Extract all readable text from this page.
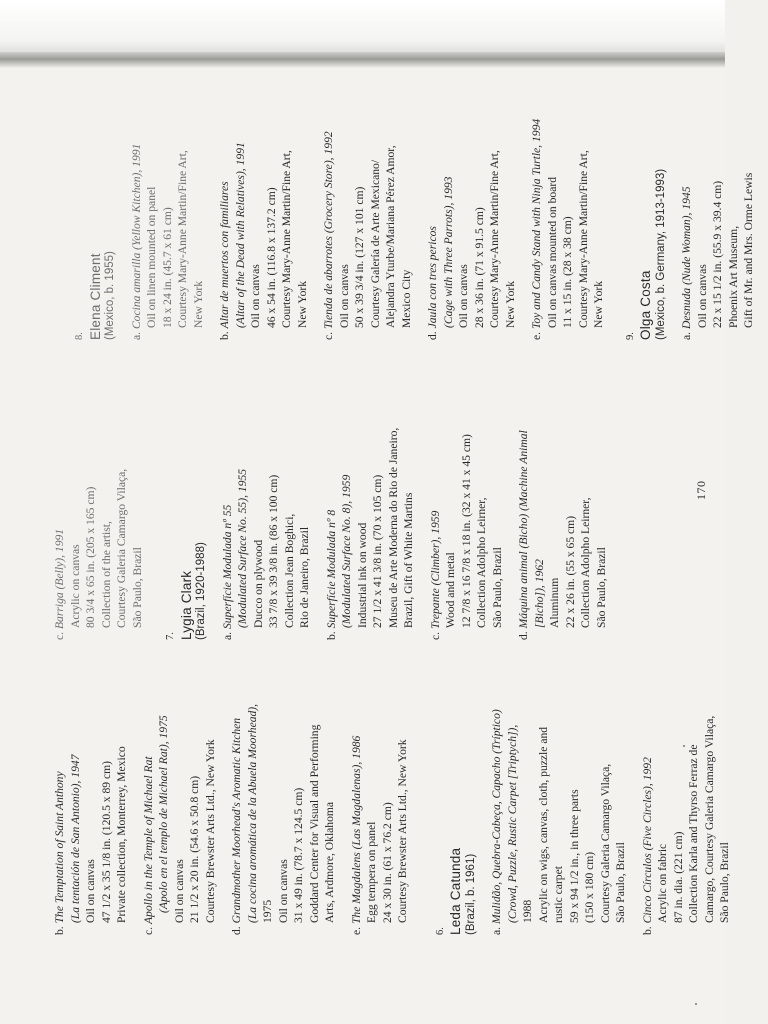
b. The Temptation of Saint Anthony (La tentación de San Antonio), 1947 Oil on canvas 47 1/2 x 35 1/8 in. (120.5 x 89 cm) Private collection, Monterrey, Mexico
c. Apollo in the Temple of Michael Rat (Apolo en el templo de Michael Rat), 1975 Oil on canvas 21 1/2 x 20 in. (54.6 x 50.8 cm) Courtesy Brewster Arts Ltd., New York
d. Grandmother Moorhead's Aromatic Kitchen (La cocina aromática de la Abuela Moorhead), 1975 Oil on canvas 31 x 49 in. (78.7 x 124.5 cm) Goddard Center for Visual and Performing Arts, Ardmore, Oklahoma
e. The Magdalens (Las Magdalenas), 1986 Egg tempera on panel 24 x 30 in. (61 x 76.2 cm) Courtesy Brewster Arts Ltd., New York
6. Leda Catunda (Brazil, b. 1961) a. Mulidão, Quebra-Cabeça, Capacho (Tríptico) (Crowd, Puzzle, Rustic Carpet [Triptych]), 1988 Acrylic on wigs, canvas, cloth, puzzle and rustic carpet 59 x 94 1/2 in., in three parts (150 x 180 cm) Courtesy Galeria Camargo Vilaça, São Paulo, Brazil
b. Cinco Círculos (Five Circles), 1992 Acrylic on fabric 87 in. dia. (221 cm) Collection Karla and Thyrso Ferraz de Camargo, Courtesy Galeria Camargo Vilaça, São Paulo, Brazil
c. Barriga (Belly), 1991 Acrylic on canvas 80 3/4 x 65 in. (205 x 165 cm) Collection of the artist, Courtesy Galeria Camargo Vilaça, São Paulo, Brazil
7. Lygia Clark (Brazil, 1920-1988) a. Superfície Modulada nº 55 (Modulated Surface No. 55), 1955 Ducco on plywood 33 7/8 x 39 3/8 in. (86 x 100 cm) Collection Jean Boghici, Rio de Janeiro, Brazil
b. Superfície Modulada nº 8 (Modulated Surface No. 8), 1959 Industrial ink on wood 27 1/2 x 41 3/8 in. (70 x 105 cm) Museu de Arte Moderna do Rio de Janeiro, Brazil, Gift of White Martins
c. Trepante (Climber), 1959 Wood and metal 12 7/8 x 16 7/8 x 18 in. (32 x 41 x 45 cm) Collection Adolpho Leirner, São Paulo, Brazil
d. Máquina animal (Bicho) (Machine Animal [Bicho]), 1962 Aluminum 22 x 26 in. (55 x 65 cm) Collection Adolpho Leirner, São Paulo, Brazil
8. Elena Climent (Mexico, b. 1955) a. Cocina amarilla (Yellow Kitchen), 1991 Oil on linen mounted on panel 18 x 24 in. (45.7 x 61 cm) Courtesy Mary-Anne Martin/Fine Art, New York
b. Altar de muertos con familiares (Altar of the Dead with Relatives), 1991 Oil on canvas 46 x 54 in. (116.8 x 137.2 cm) Courtesy Mary-Anne Martin/Fine Art, New York
c. Tienda de abarrotes (Grocery Store), 1992 Oil on canvas 50 x 39 3/4 in. (127 x 101 cm) Courtesy Galería de Arte Mexicano/ Alejandra Yturbe/Mariana Pérez Amor, Mexico City
d. Jaula con tres pericos (Cage with Three Parrots), 1993 Oil on canvas 28 x 36 in. (71 x 91.5 cm) Courtesy Mary-Anne Martin/Fine Art, New York
e. Toy and Candy Stand with Ninja Turtle, 1994 Oil on canvas mounted on board 11 x 15 in. (28 x 38 cm) Courtesy Mary-Anne Martin/Fine Art, New York
9. Olga Costa (Mexico, b. Germany, 1913-1993) a. Desnuda (Nude Woman), 1945 Oil on canvas 22 x 15 1/2 in. (55.9 x 39.4 cm) Phoenix Art Museum, Gift of Mr. and Mrs. Orme Lewis
170
